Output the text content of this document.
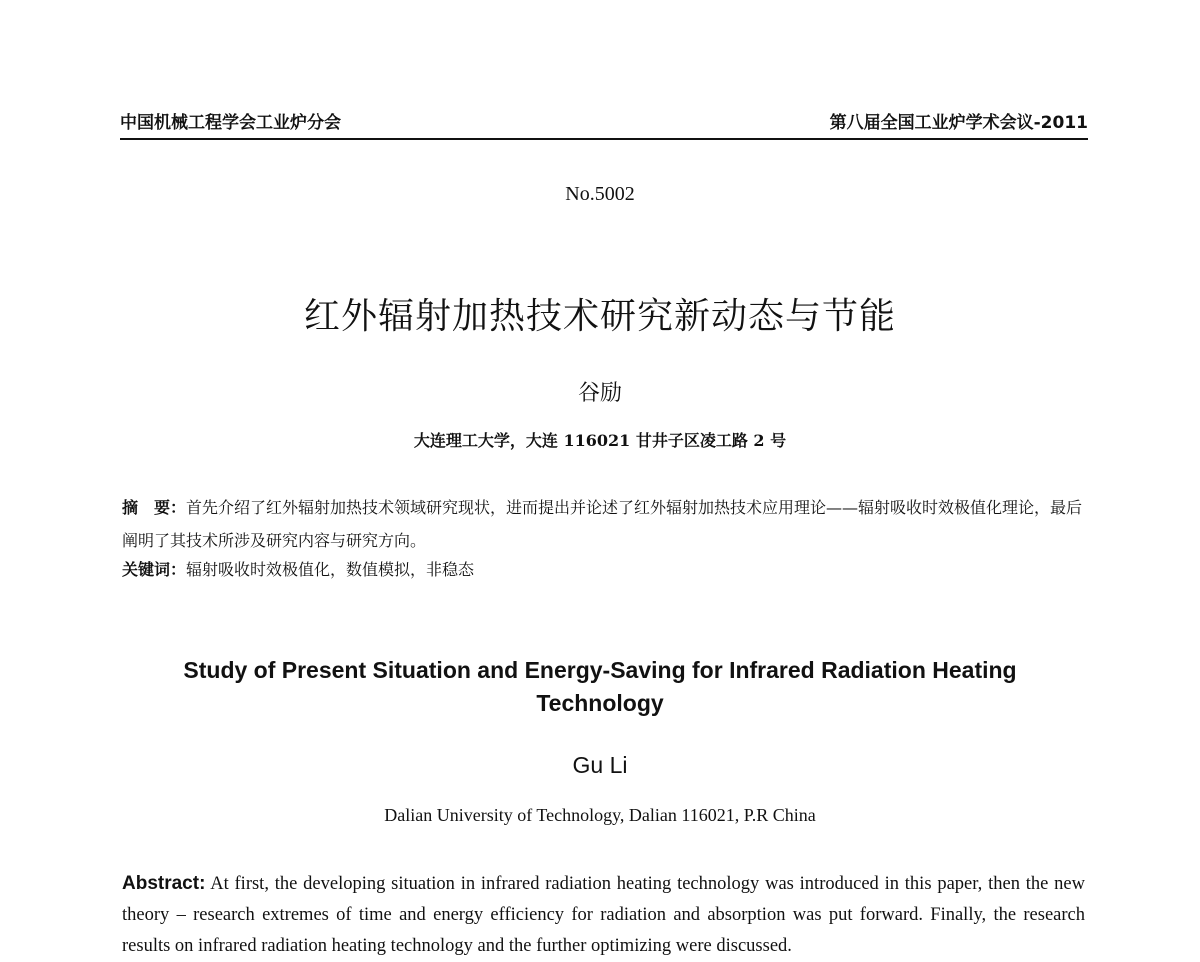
中国机械工程学会工业炉分会	第八届全国工业炉学术会议-2011
No.5002
红外辐射加热技术研究新动态与节能
谷励
大连理工大学，大连 116021 甘井子区凌工路 2 号
摘　要：首先介绍了红外辐射加热技术领域研究现状，进而提出并论述了红外辐射加热技术应用理论——辐射吸收时效极值化理论，最后阐明了其技术所涉及研究内容与研究方向。
关键词：辐射吸收时效极值化，数值模拟，非稳态
Study of Present Situation and Energy-Saving for Infrared Radiation Heating Technology
Gu Li
Dalian University of Technology, Dalian 116021, P.R China
Abstract: At first, the developing situation in infrared radiation heating technology was introduced in this paper, then the new theory – research extremes of time and energy efficiency for radiation and absorption was put forward. Finally, the research results on infrared radiation heating technology and the further optimizing were discussed.
